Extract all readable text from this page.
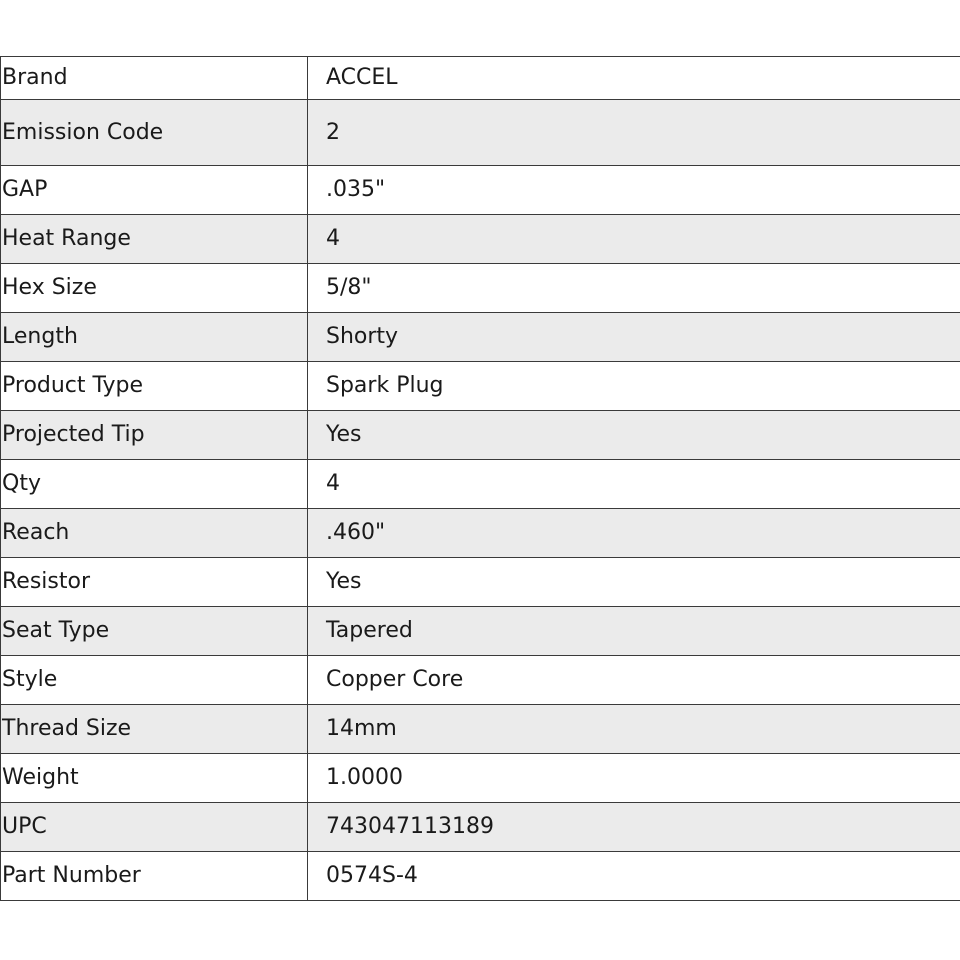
Brand	ACCEL
Emission Code	2
GAP	.035"
Heat Range	4
Hex Size	5/8"
Length	Shorty
Product Type	Spark Plug
Projected Tip	Yes
Qty	4
Reach	.460"
Resistor	Yes
Seat Type	Tapered
Style	Copper Core
Thread Size	14mm
Weight	1.0000
UPC	743047113189
Part Number	0574S-4
